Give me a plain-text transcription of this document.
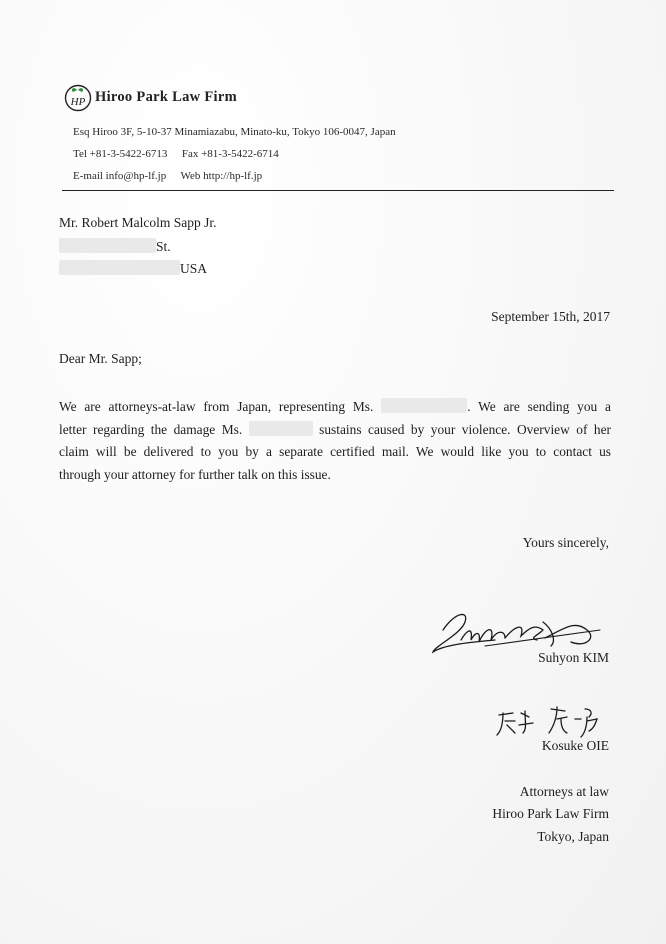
HP Hiroo Park Law Firm
Esq Hiroo 3F, 5-10-37 Minamiazabu, Minato-ku, Tokyo 106-0047, Japan
Tel +81-3-5422-6713 Fax +81-3-5422-6714
E-mail info@hp-lf.jp Web http://hp-lf.jp
Mr. Robert Malcolm Sapp Jr.
St.
USA
September 15th, 2017
Dear Mr. Sapp;
We are attorneys-at-law from Japan, representing Ms.	. We are sending you a
letter regarding the damage Ms.	sustains caused by your violence. Overview of her
claim will be delivered to you by a separate certified mail. We would like you to contact us
through your attorney for further talk on this issue.
Yours sincerely,
Suhyon KIM
Kosuke OIE
Attorneys at law
Hiroo Park Law Firm
Tokyo, Japan
